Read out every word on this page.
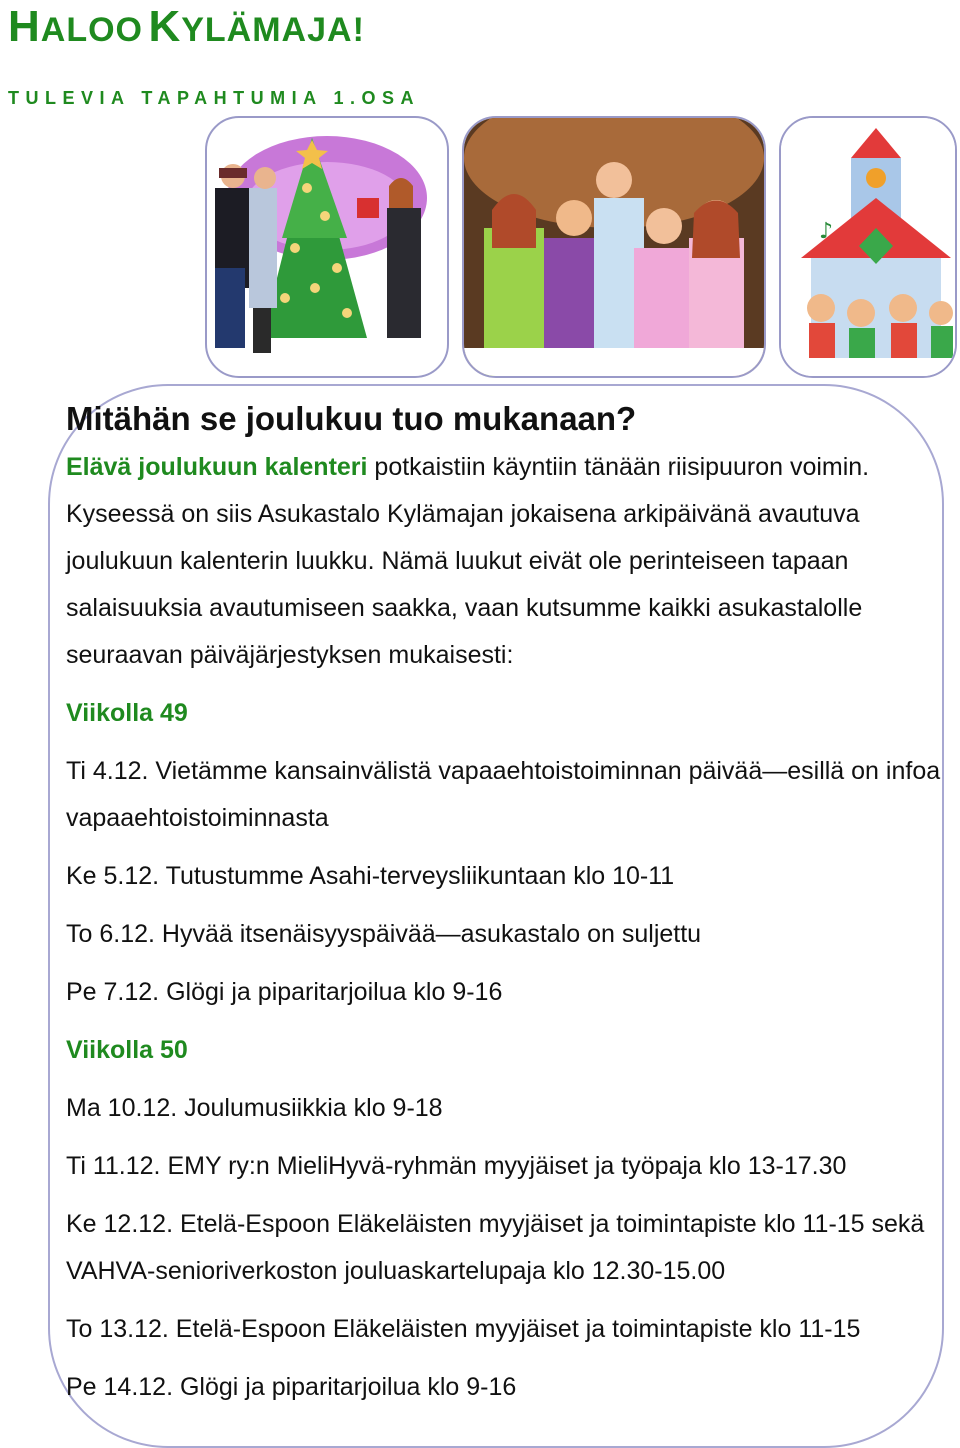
HALOO KYLÄMAJA!
TULEVIA TAPAHTUMIA 1.OSA
♪

Mitähän se joulukuu tuo mukanaan?

Elävä joulukuun kalenteri potkaistiin käyntiin tänään riisipuuron voimin. Kyseessä on siis Asukastalo Kylämajan jokaisena arkipäivänä avautuva joulukuun kalenterin luukku. Nämä luukut eivät ole perinteiseen tapaan salaisuuksia avautumiseen saakka, vaan kutsumme kaikki asukastalolle seuraavan päiväjärjestyksen mukaisesti:

Viikolla 49

Ti 4.12. Vietämme kansainvälistä vapaaehtoistoiminnan päivää—esillä on infoa vapaaehtoistoiminnasta

Ke 5.12. Tutustumme Asahi-terveysliikuntaan klo 10-11

To 6.12. Hyvää itsenäisyyspäivää—asukastalo on suljettu

Pe 7.12. Glögi ja piparitarjoilua klo 9-16

Viikolla 50

Ma 10.12. Joulumusiikkia klo 9-18

Ti 11.12. EMY ry:n MieliHyvä-ryhmän myyjäiset ja työpaja klo 13-17.30

Ke 12.12. Etelä-Espoon Eläkeläisten myyjäiset ja toimintapiste klo 11-15 sekä VAHVA-senioriverkoston jouluaskartelupaja klo 12.30-15.00

To 13.12. Etelä-Espoon Eläkeläisten myyjäiset ja toimintapiste klo 11-15

Pe 14.12. Glögi ja piparitarjoilua klo 9-16
